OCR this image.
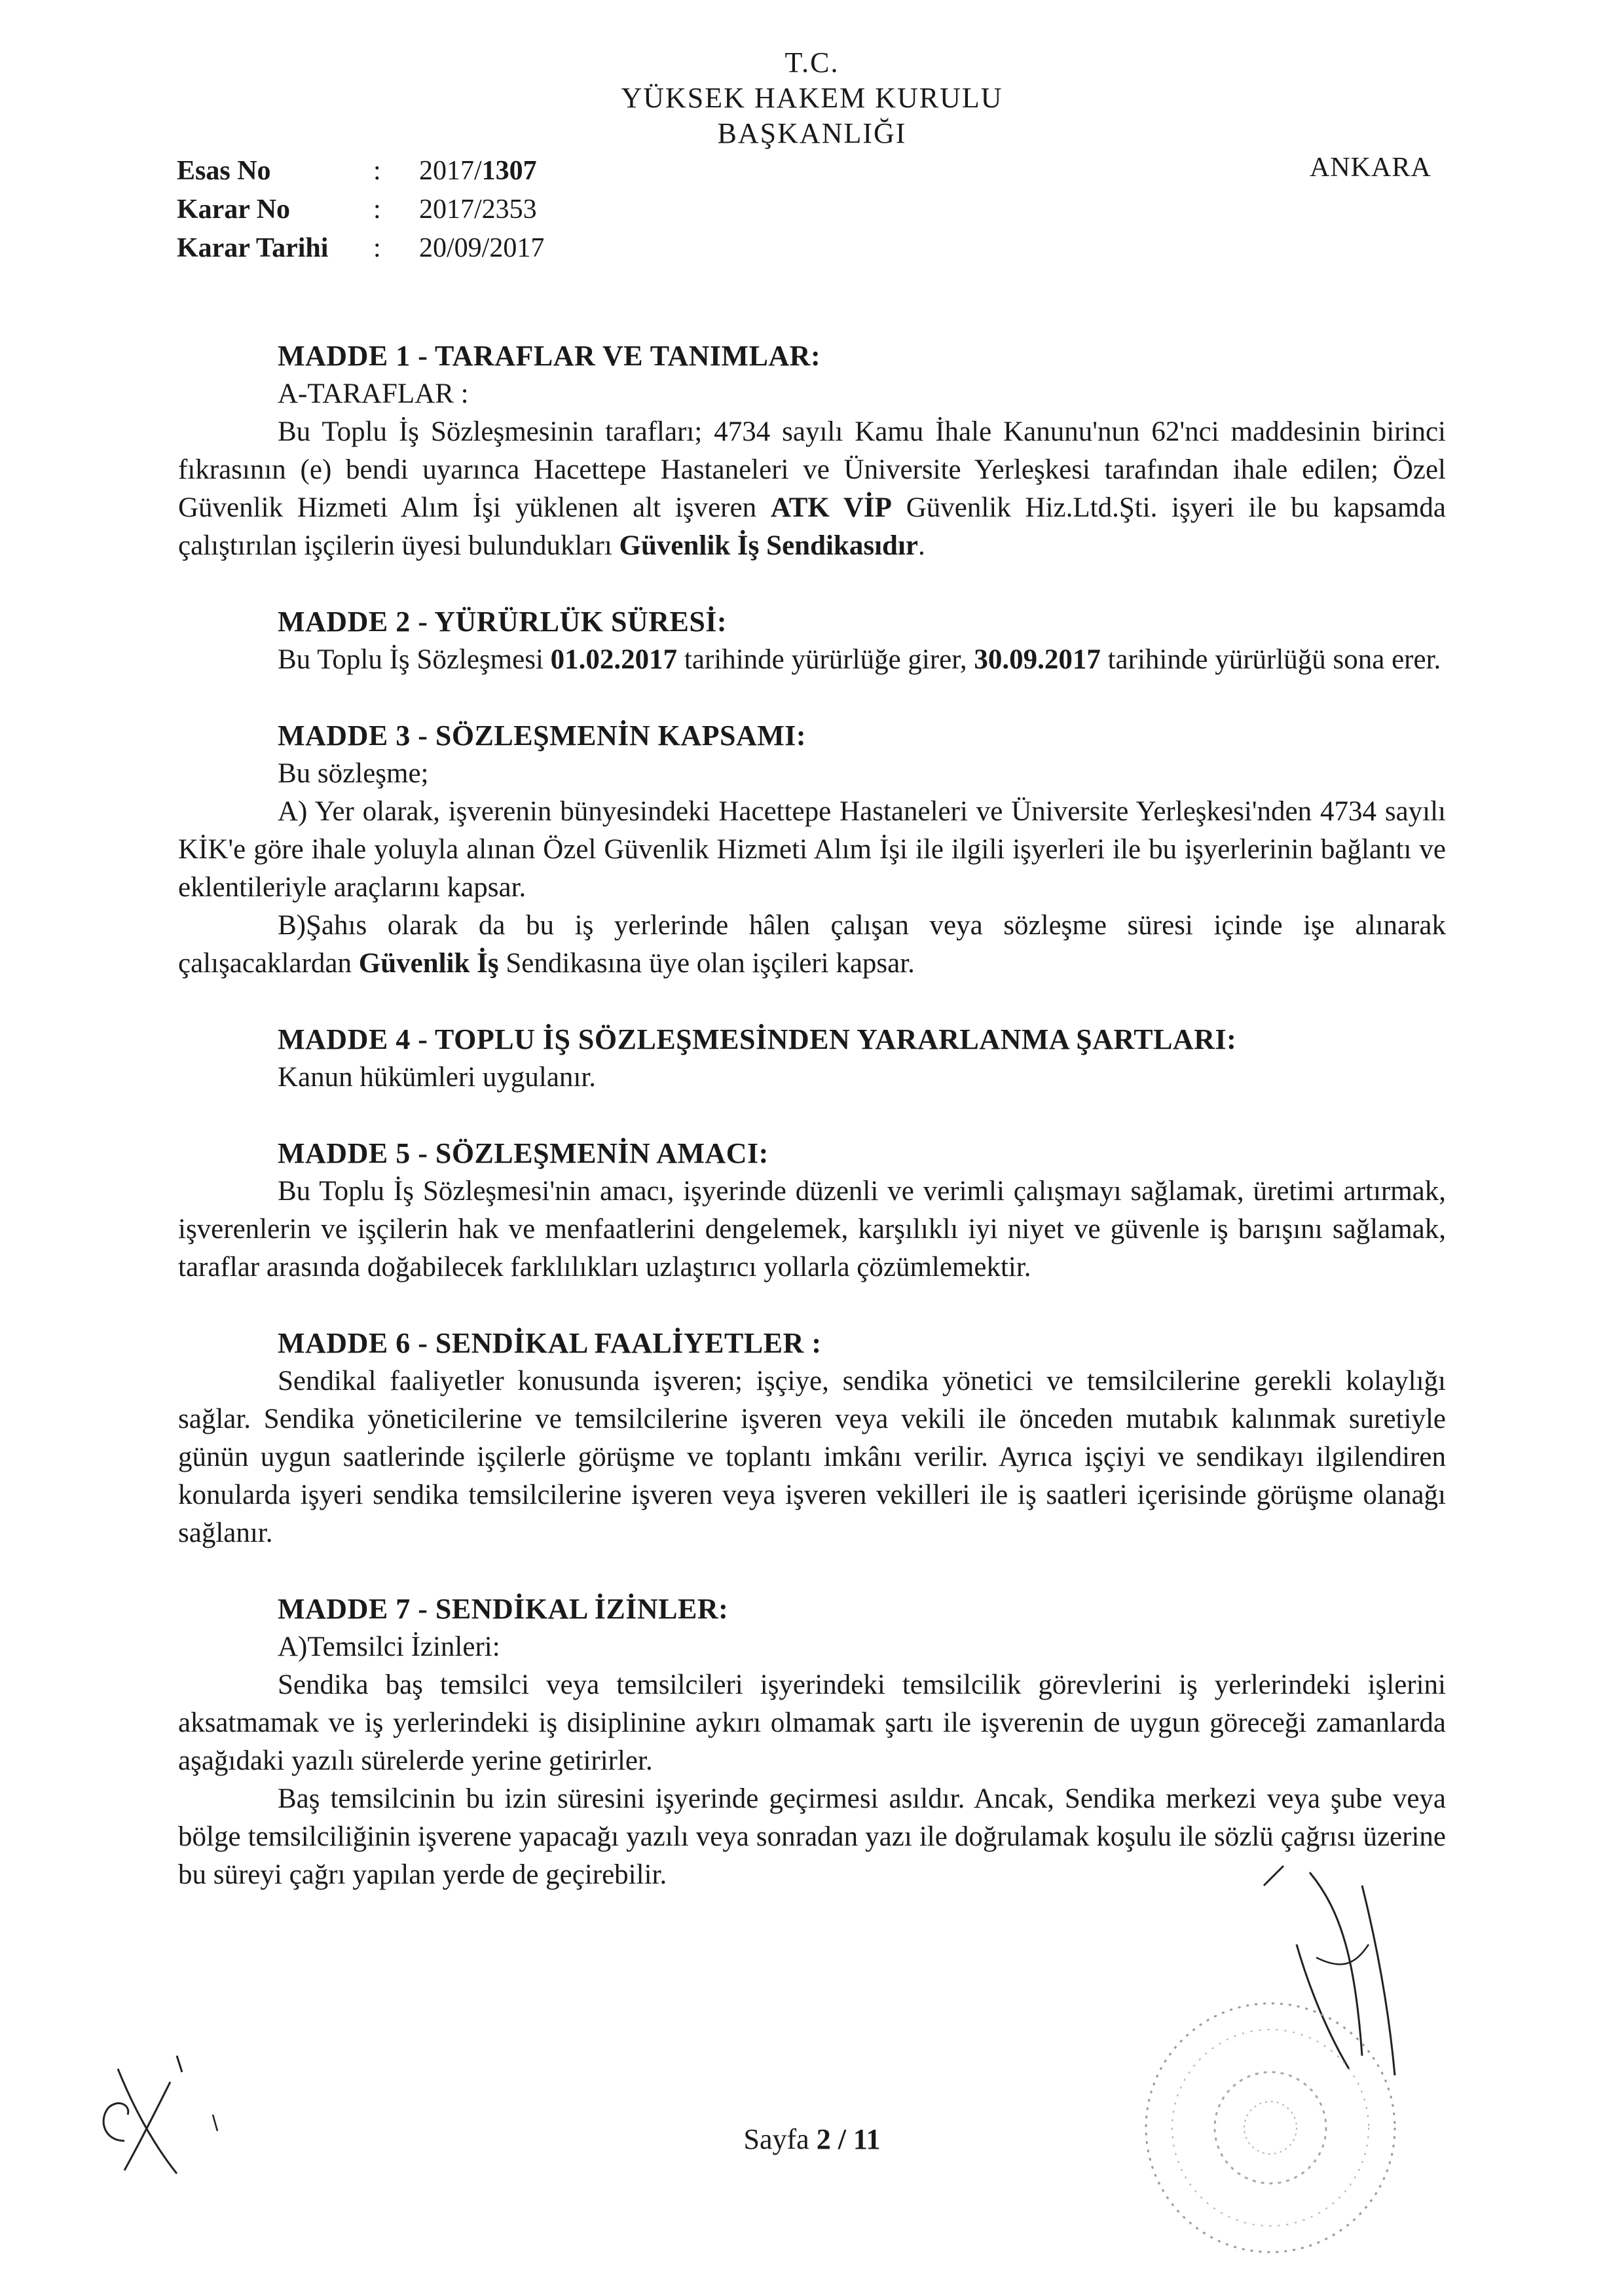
T.C.
YÜKSEK HAKEM KURULU
BAŞKANLIĞI
ANKARA
Esas No	:	2017/1307
Karar No	:	2017/2353
Karar Tarihi	:	20/09/2017
MADDE 1 - TARAFLAR VE TANIMLAR:
A-TARAFLAR :
Bu Toplu İş Sözleşmesinin tarafları; 4734 sayılı Kamu İhale Kanunu'nun 62'nci maddesinin birinci fıkrasının (e) bendi uyarınca Hacettepe Hastaneleri ve Üniversite Yerleşkesi tarafından ihale edilen; Özel Güvenlik Hizmeti Alım İşi yüklenen alt işveren ATK VİP Güvenlik Hiz.Ltd.Şti. işyeri ile bu kapsamda çalıştırılan işçilerin üyesi bulundukları Güvenlik İş Sendikasıdır.
MADDE 2 - YÜRÜRLÜK SÜRESİ:
Bu Toplu İş Sözleşmesi 01.02.2017 tarihinde yürürlüğe girer, 30.09.2017 tarihinde yürürlüğü sona erer.
MADDE 3 - SÖZLEŞMENİN KAPSAMI:
Bu sözleşme;
A) Yer olarak, işverenin bünyesindeki Hacettepe Hastaneleri ve Üniversite Yerleşkesi'nden 4734 sayılı KİK'e göre ihale yoluyla alınan Özel Güvenlik Hizmeti Alım İşi ile ilgili işyerleri ile bu işyerlerinin bağlantı ve eklentileriyle araçlarını kapsar.
B)Şahıs olarak da bu iş yerlerinde hâlen çalışan veya sözleşme süresi içinde işe alınarak çalışacaklardan Güvenlik İş Sendikasına üye olan işçileri kapsar.
MADDE 4 - TOPLU İŞ SÖZLEŞMESİNDEN YARARLANMA ŞARTLARI:
Kanun hükümleri uygulanır.
MADDE 5 - SÖZLEŞMENİN AMACI:
Bu Toplu İş Sözleşmesi'nin amacı, işyerinde düzenli ve verimli çalışmayı sağlamak, üretimi artırmak, işverenlerin ve işçilerin hak ve menfaatlerini dengelemek, karşılıklı iyi niyet ve güvenle iş barışını sağlamak, taraflar arasında doğabilecek farklılıkları uzlaştırıcı yollarla çözümlemektir.
MADDE 6 - SENDİKAL FAALİYETLER :
Sendikal faaliyetler konusunda işveren; işçiye, sendika yönetici ve temsilcilerine gerekli kolaylığı sağlar. Sendika yöneticilerine ve temsilcilerine işveren veya vekili ile önceden mutabık kalınmak suretiyle günün uygun saatlerinde işçilerle görüşme ve toplantı imkânı verilir. Ayrıca işçiyi ve sendikayı ilgilendiren konularda işyeri sendika temsilcilerine işveren veya işveren vekilleri ile iş saatleri içerisinde görüşme olanağı sağlanır.
MADDE 7 - SENDİKAL İZİNLER:
A)Temsilci İzinleri:
Sendika baş temsilci veya temsilcileri işyerindeki temsilcilik görevlerini iş yerlerindeki işlerini aksatmamak ve iş yerlerindeki iş disiplinine aykırı olmamak şartı ile işverenin de uygun göreceği zamanlarda aşağıdaki yazılı sürelerde yerine getirirler.
Baş temsilcinin bu izin süresini işyerinde geçirmesi asıldır. Ancak, Sendika merkezi veya şube veya bölge temsilciliğinin işverene yapacağı yazılı veya sonradan yazı ile doğrulamak koşulu ile sözlü çağrısı üzerine bu süreyi çağrı yapılan yerde de geçirebilir.
Sayfa 2 / 11
